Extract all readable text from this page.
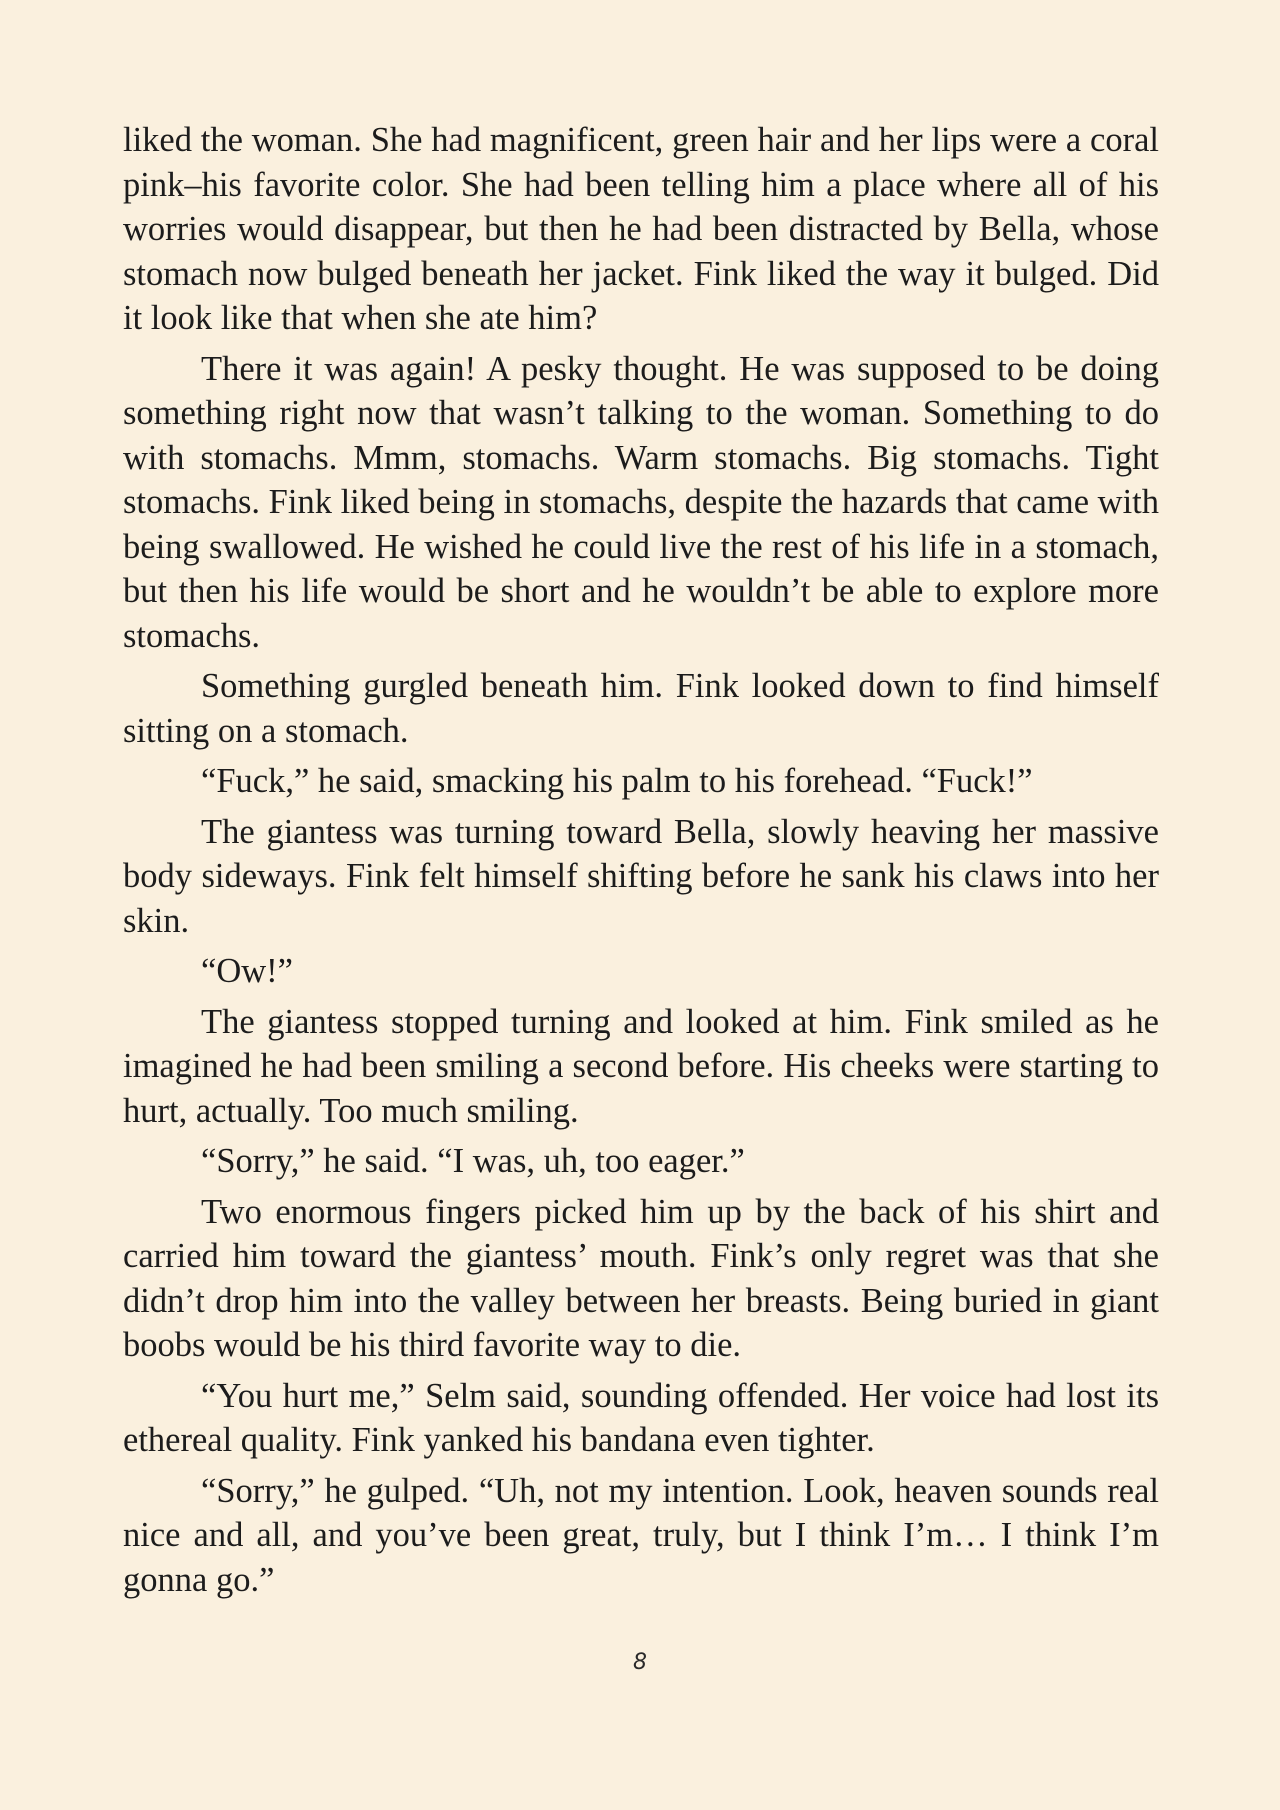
liked the woman. She had magnificent, green hair and her lips were a coral pink–his favorite color. She had been telling him a place where all of his worries would disappear, but then he had been distracted by Bella, whose stomach now bulged beneath her jacket. Fink liked the way it bulged. Did it look like that when she ate him?

There it was again! A pesky thought. He was supposed to be doing something right now that wasn’t talking to the woman. Something to do with stomachs. Mmm, stomachs. Warm stomachs. Big stomachs. Tight stomachs. Fink liked being in stomachs, despite the hazards that came with being swallowed. He wished he could live the rest of his life in a stomach, but then his life would be short and he wouldn’t be able to explore more stomachs.

Something gurgled beneath him. Fink looked down to find himself sitting on a stomach.

“Fuck,” he said, smacking his palm to his forehead. “Fuck!”

The giantess was turning toward Bella, slowly heaving her massive body sideways. Fink felt himself shifting before he sank his claws into her skin.

“Ow!”

The giantess stopped turning and looked at him. Fink smiled as he imagined he had been smiling a second before. His cheeks were starting to hurt, actually. Too much smiling.

“Sorry,” he said. “I was, uh, too eager.”

Two enormous fingers picked him up by the back of his shirt and carried him toward the giantess’ mouth. Fink’s only regret was that she didn’t drop him into the valley between her breasts. Being buried in giant boobs would be his third favorite way to die.

“You hurt me,” Selm said, sounding offended. Her voice had lost its ethereal quality. Fink yanked his bandana even tighter.

“Sorry,” he gulped. “Uh, not my intention. Look, heaven sounds real nice and all, and you’ve been great, truly, but I think I’m… I think I’m gonna go.”

8
